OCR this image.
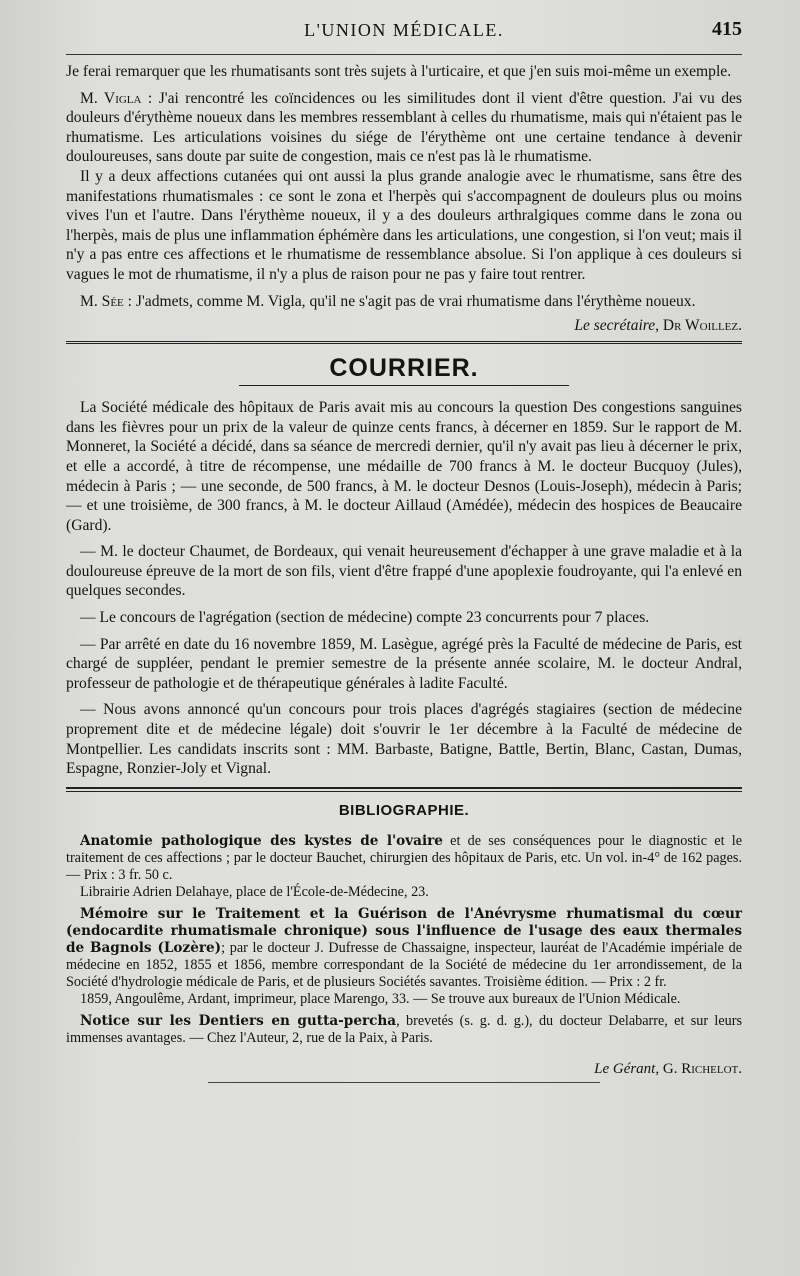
L'UNION MÉDICALE.	415

Je ferai remarquer que les rhumatisants sont très sujets à l'urticaire, et que j'en suis moi-même un exemple.

M. Vigla : J'ai rencontré les coïncidences ou les similitudes dont il vient d'être question. J'ai vu des douleurs d'érythème noueux dans les membres ressemblant à celles du rhumatisme, mais qui n'étaient pas le rhumatisme. Les articulations voisines du siége de l'érythème ont une certaine tendance à devenir douloureuses, sans doute par suite de congestion, mais ce n'est pas là le rhumatisme.

Il y a deux affections cutanées qui ont aussi la plus grande analogie avec le rhumatisme, sans être des manifestations rhumatismales : ce sont le zona et l'herpès qui s'accompagnent de douleurs plus ou moins vives l'un et l'autre. Dans l'érythème noueux, il y a des douleurs arthralgiques comme dans le zona ou l'herpès, mais de plus une inflammation éphémère dans les articulations, une congestion, si l'on veut; mais il n'y a pas entre ces affections et le rhumatisme de ressemblance absolue. Si l'on applique à ces douleurs si vagues le mot de rhumatisme, il n'y a plus de raison pour ne pas y faire tout rentrer.

M. Sée : J'admets, comme M. Vigla, qu'il ne s'agit pas de vrai rhumatisme dans l'érythème noueux.

Le secrétaire, Dr Woillez.
COURRIER.

La Société médicale des hôpitaux de Paris avait mis au concours la question Des congestions sanguines dans les fièvres pour un prix de la valeur de quinze cents francs, à décerner en 1859. Sur le rapport de M. Monneret, la Société a décidé, dans sa séance de mercredi dernier, qu'il n'y avait pas lieu à décerner le prix, et elle a accordé, à titre de récompense, une médaille de 700 francs à M. le docteur Bucquoy (Jules), médecin à Paris ; — une seconde, de 500 francs, à M. le docteur Desnos (Louis-Joseph), médecin à Paris; — et une troisième, de 300 francs, à M. le docteur Aillaud (Amédée), médecin des hospices de Beaucaire (Gard).

— M. le docteur Chaumet, de Bordeaux, qui venait heureusement d'échapper à une grave maladie et à la douloureuse épreuve de la mort de son fils, vient d'être frappé d'une apoplexie foudroyante, qui l'a enlevé en quelques secondes.

— Le concours de l'agrégation (section de médecine) compte 23 concurrents pour 7 places.

— Par arrêté en date du 16 novembre 1859, M. Lasègue, agrégé près la Faculté de médecine de Paris, est chargé de suppléer, pendant le premier semestre de la présente année scolaire, M. le docteur Andral, professeur de pathologie et de thérapeutique générales à ladite Faculté.

— Nous avons annoncé qu'un concours pour trois places d'agrégés stagiaires (section de médecine proprement dite et de médecine légale) doit s'ouvrir le 1er décembre à la Faculté de médecine de Montpellier. Les candidats inscrits sont : MM. Barbaste, Batigne, Battle, Bertin, Blanc, Castan, Dumas, Espagne, Ronzier-Joly et Vignal.

BIBLIOGRAPHIE.

Anatomie pathologique des kystes de l'ovaire et de ses conséquences pour le diagnostic et le traitement de ces affections ; par le docteur Bauchet, chirurgien des hôpitaux de Paris, etc. Un vol. in-4° de 162 pages. — Prix : 3 fr. 50 c.

Librairie Adrien Delahaye, place de l'École-de-Médecine, 23.

Mémoire sur le Traitement et la Guérison de l'Anévrysme rhumatismal du cœur (endocardite rhumatismale chronique) sous l'influence de l'usage des eaux thermales de Bagnols (Lozère); par le docteur J. Dufresse de Chassaigne, inspecteur, lauréat de l'Académie impériale de médecine en 1852, 1855 et 1856, membre correspondant de la Société de médecine du 1er arrondissement, de la Société d'hydrologie médicale de Paris, et de plusieurs Sociétés savantes. Troisième édition. — Prix : 2 fr.

1859, Angoulême, Ardant, imprimeur, place Marengo, 33. — Se trouve aux bureaux de l'Union Médicale.

Notice sur les Dentiers en gutta-percha, brevetés (s. g. d. g.), du docteur Delabarre, et sur leurs immenses avantages. — Chez l'Auteur, 2, rue de la Paix, à Paris.

Le Gérant, G. Richelot.
